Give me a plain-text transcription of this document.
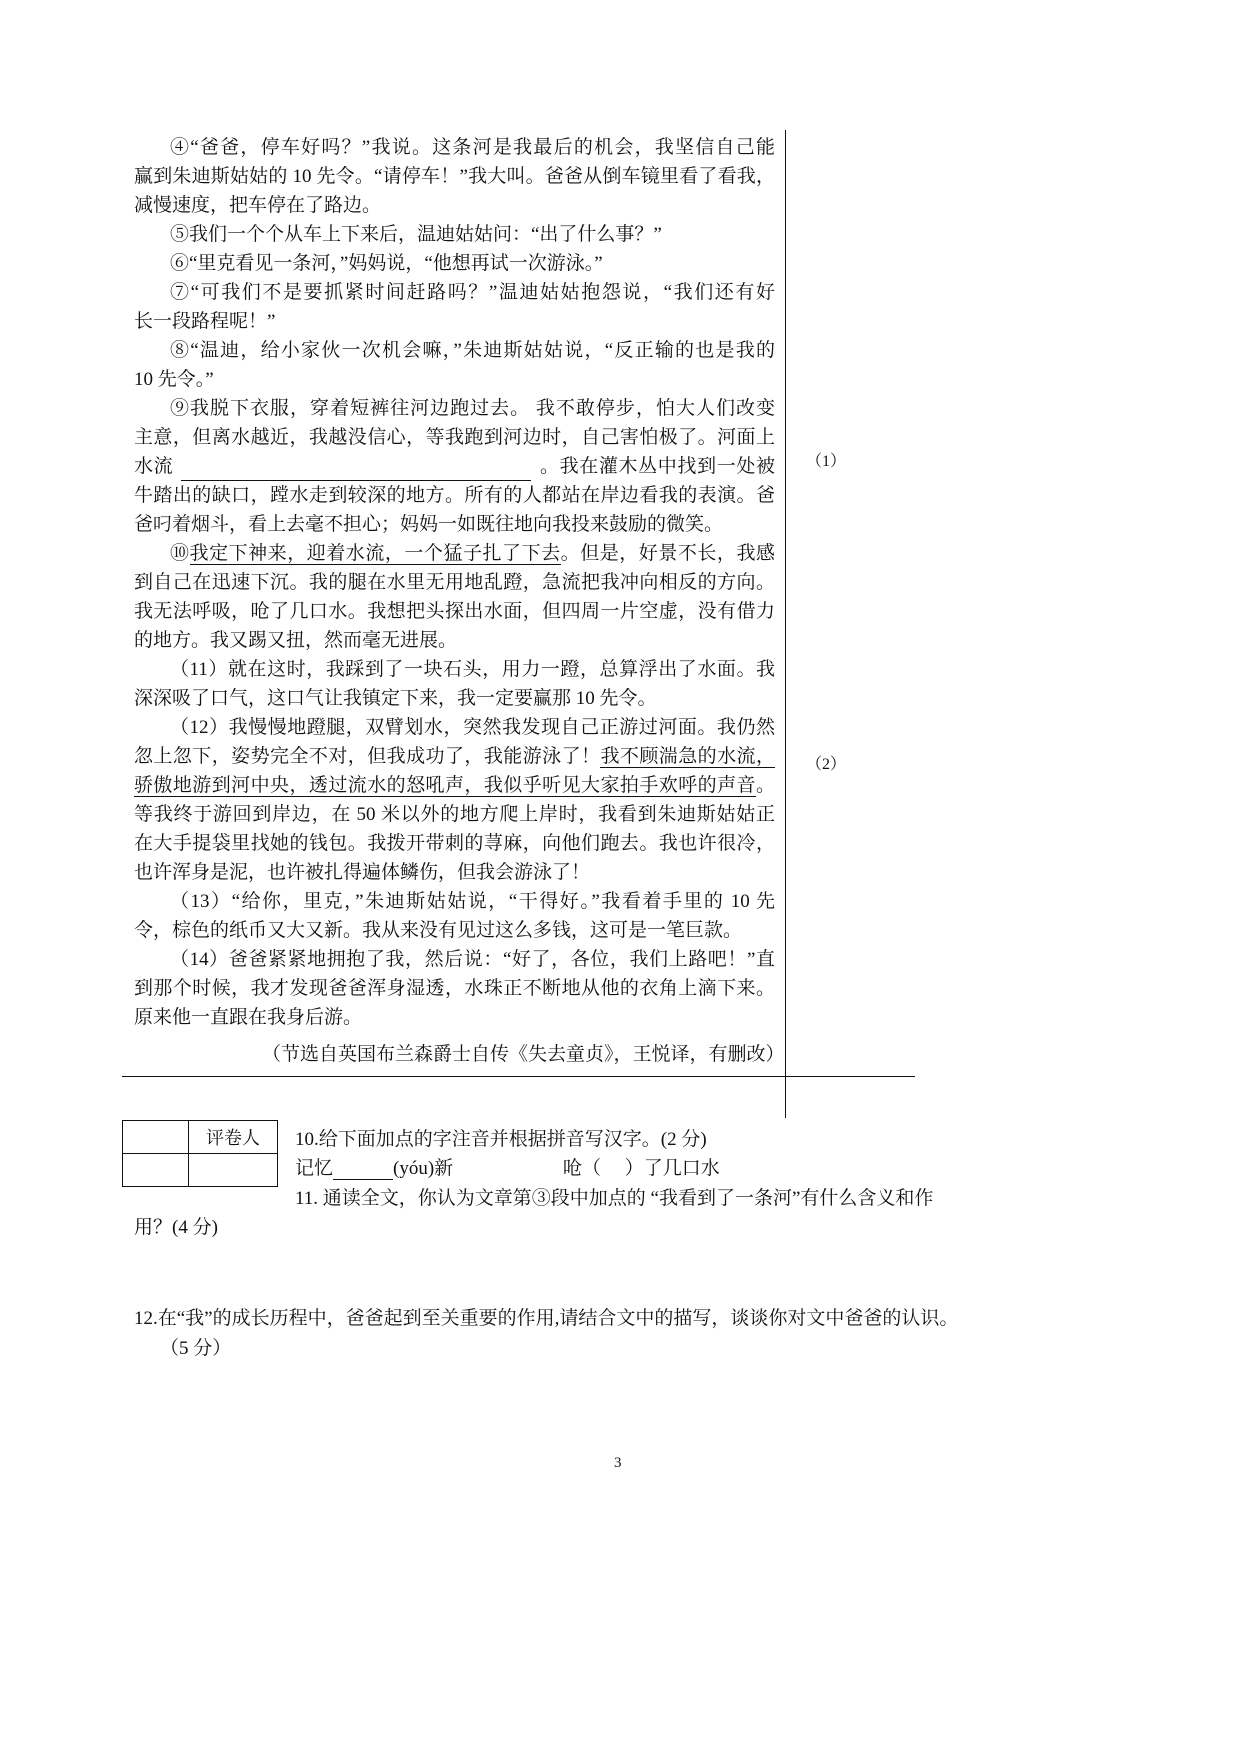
④“爸爸，停车好吗？”我说。这条河是我最后的机会，我坚信自己能
赢到朱迪斯姑姑的 10 先令。“请停车！”我大叫。爸爸从倒车镜里看了看我，
减慢速度，把车停在了路边。
⑤我们一个个从车上下来后，温迪姑姑问：“出了什么事？”
⑥“里克看见一条河，”妈妈说，“他想再试一次游泳。”
⑦“可我们不是要抓紧时间赶路吗？”温迪姑姑抱怨说，“我们还有好
长一段路程呢！”
⑧“温迪，给小家伙一次机会嘛，”朱迪斯姑姑说，“反正输的也是我的
10 先令。”
⑨我脱下衣服，穿着短裤往河边跑过去。 我不敢停步，怕大人们改变
主意，但离水越近，我越没信心，等我跑到河边时，自己害怕极了。河面上
水流	。我在灌木丛中找到一处被
牛踏出的缺口，蹚水走到较深的地方。所有的人都站在岸边看我的表演。爸
爸叼着烟斗，看上去毫不担心；妈妈一如既往地向我投来鼓励的微笑。
⑩我定下神来，迎着水流，一个猛子扎了下去。但是，好景不长，我感
到自己在迅速下沉。我的腿在水里无用地乱蹬，急流把我冲向相反的方向。
我无法呼吸，呛了几口水。我想把头探出水面，但四周一片空虚，没有借力
的地方。我又踢又扭，然而毫无进展。
（11）就在这时，我踩到了一块石头，用力一蹬，总算浮出了水面。我
深深吸了口气，这口气让我镇定下来，我一定要赢那 10 先令。
（12）我慢慢地蹬腿，双臂划水，突然我发现自己正游过河面。我仍然
忽上忽下，姿势完全不对，但我成功了，我能游泳了！我不顾湍急的水流，
骄傲地游到河中央，透过流水的怒吼声，我似乎听见大家拍手欢呼的声音。
等我终于游回到岸边，在 50 米以外的地方爬上岸时，我看到朱迪斯姑姑正
在大手提袋里找她的钱包。我拨开带刺的荨麻，向他们跑去。我也许很冷，
也许浑身是泥，也许被扎得遍体鳞伤，但我会游泳了！
（13）“给你，里克，”朱迪斯姑姑说，“干得好。”我看着手里的 10 先
令，棕色的纸币又大又新。我从来没有见过这么多钱，这可是一笔巨款。
（14）爸爸紧紧地拥抱了我，然后说：“好了，各位，我们上路吧！”直
到那个时候，我才发现爸爸浑身湿透，水珠正不断地从他的衣角上滴下来。
原来他一直跟在我身后游。
（节选自英国布兰森爵士自传《失去童贞》，王悦译，有删改）
（1）
（2）
	评卷人
	10.给下面加点的字注音并根据拼音写汉字。(2 分)
记忆	(yóu)新	呛（　 ）了几口水
11. 通读全文，你认为文章第③段中加点的 “我看到了一条河”有什么含义和作
用？(4 分)
12.在“我”的成长历程中，爸爸起到至关重要的作用,请结合文中的描写，谈谈你对文中爸爸的认识。
（5 分）
3
